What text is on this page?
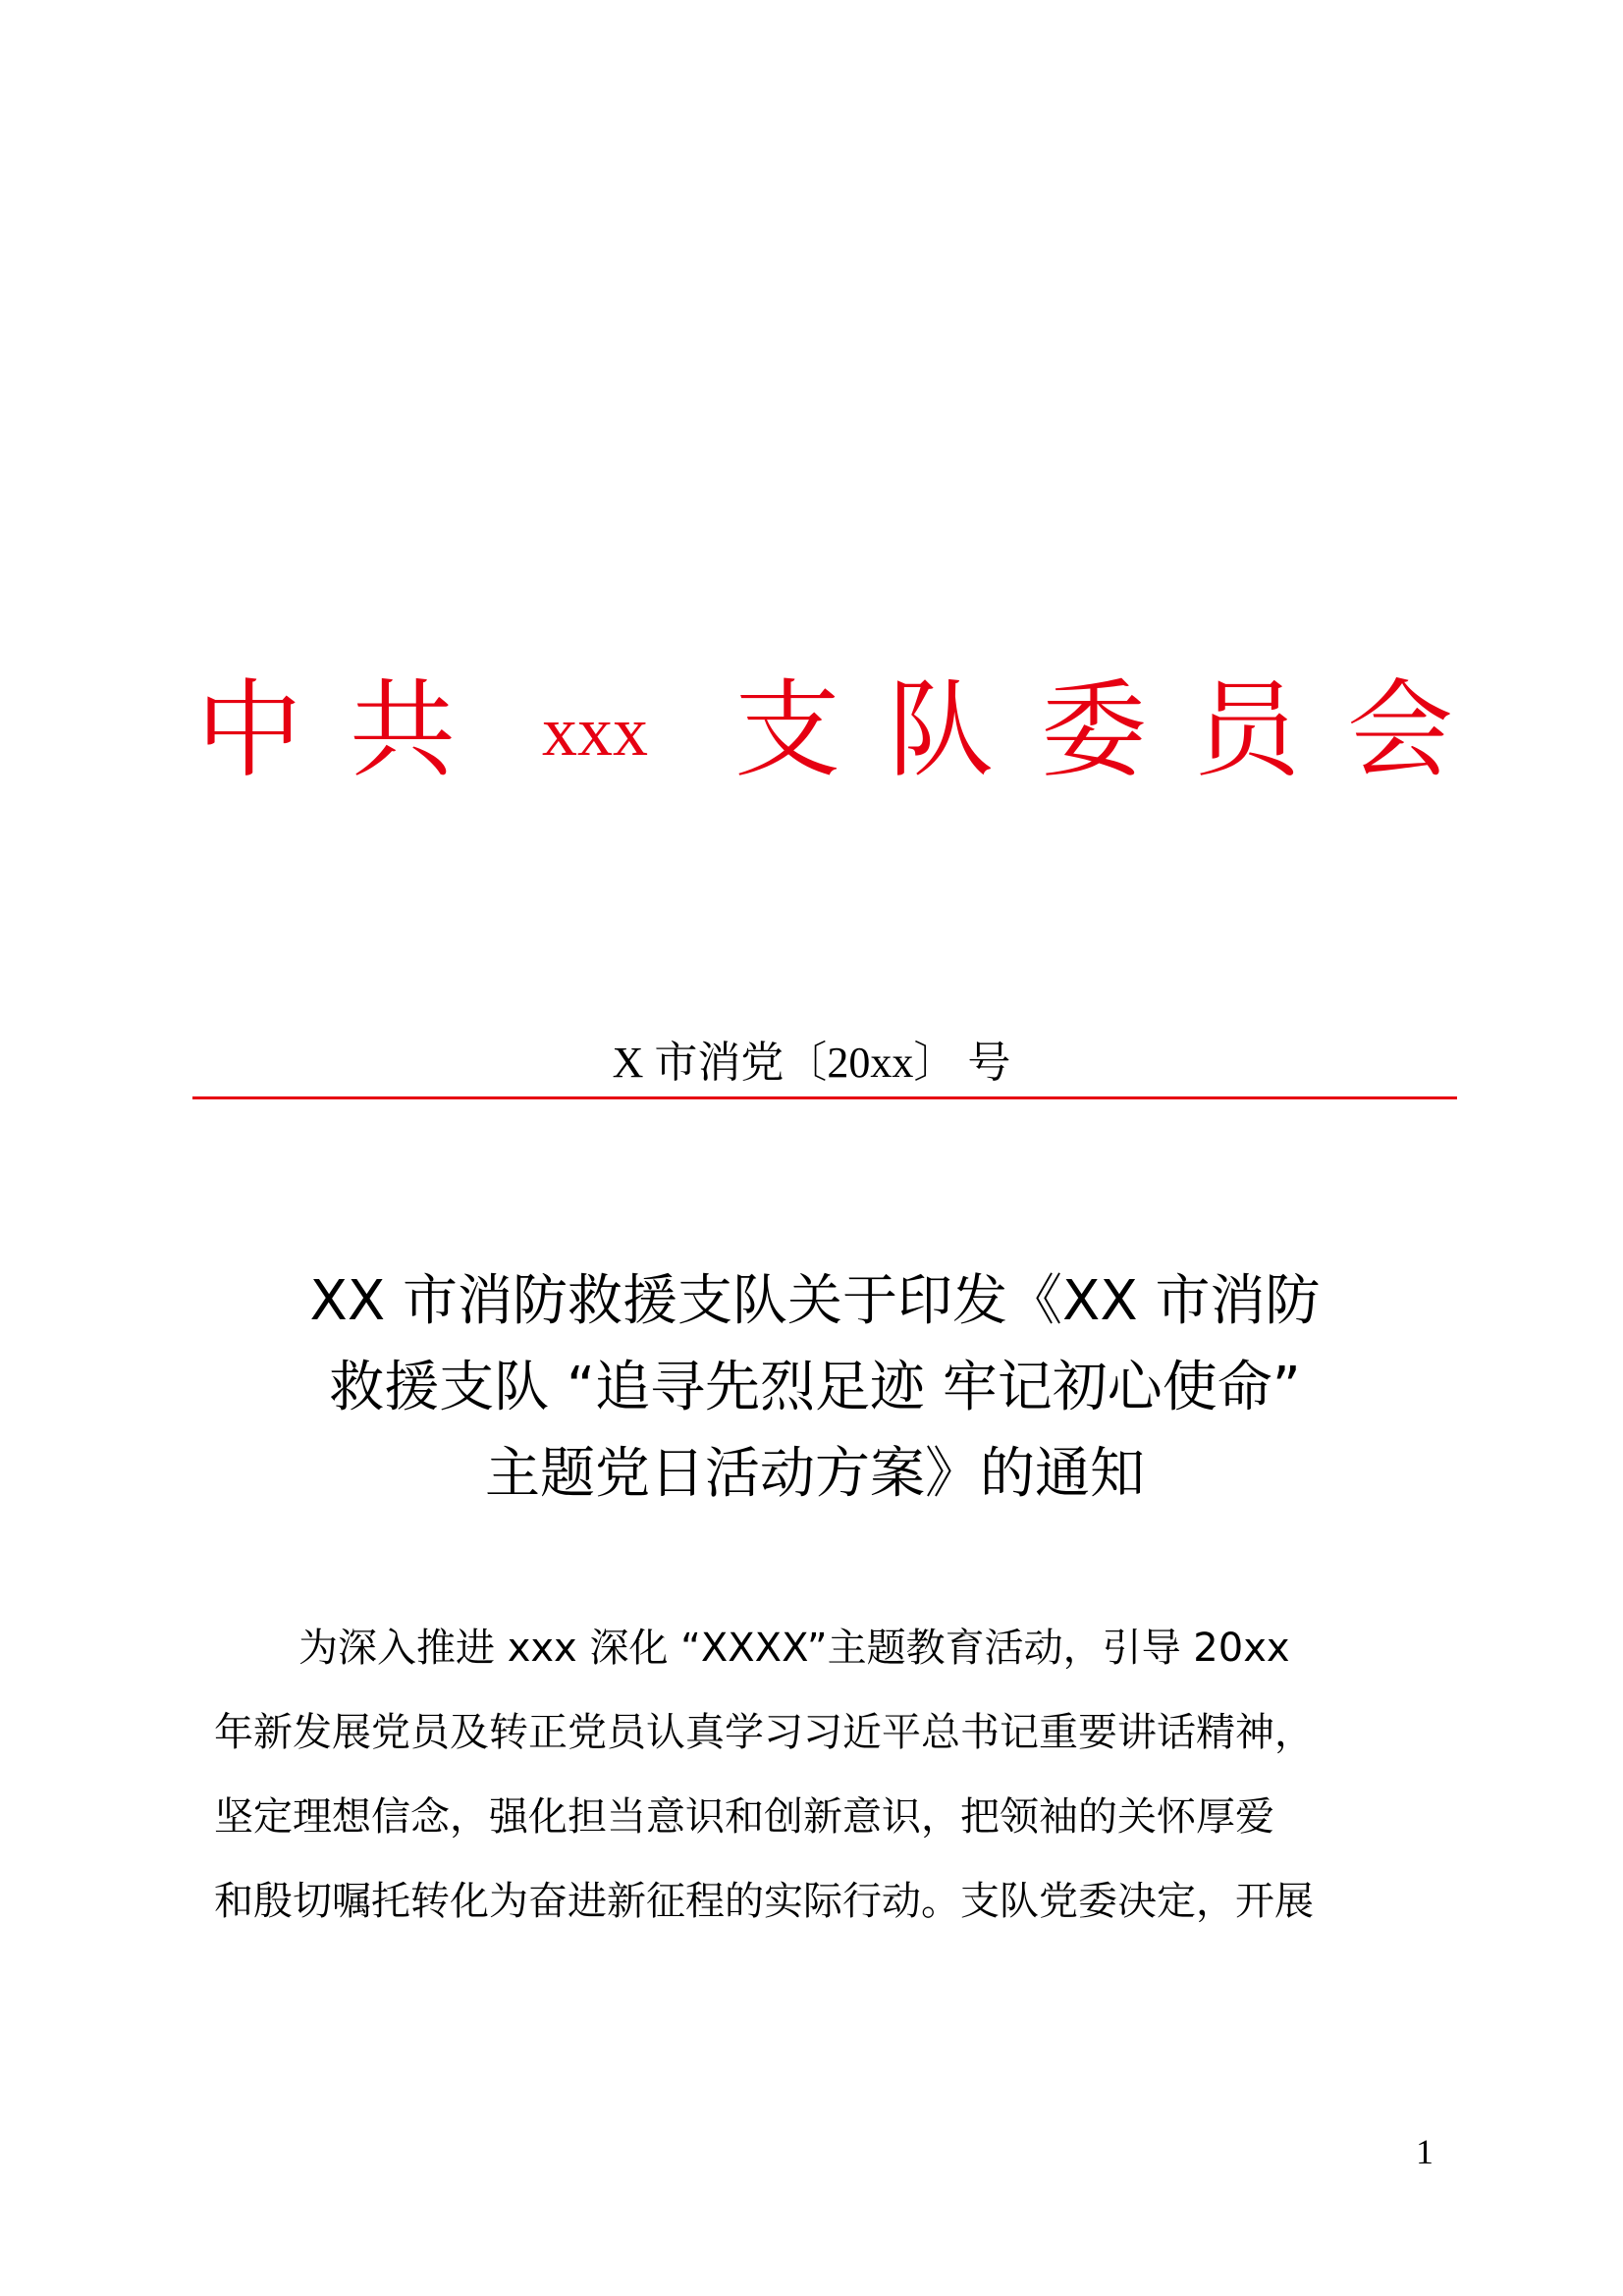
中 共	xxx 支 队 委 员 会
X 市消党〔20xx〕 号
XX 市消防救援支队关于印发《XX 市消防
救援支队 “追寻先烈足迹 牢记初心使命”
主题党日活动方案》的通知
为深入推进 xxx 深化 “XXXX”主题教育活动，引导 20xx
年新发展党员及转正党员认真学习习近平总书记重要讲话精神，
坚定理想信念，强化担当意识和创新意识，把领袖的关怀厚爱
和殷切嘱托转化为奋进新征程的实际行动。支队党委决定，开展
1
